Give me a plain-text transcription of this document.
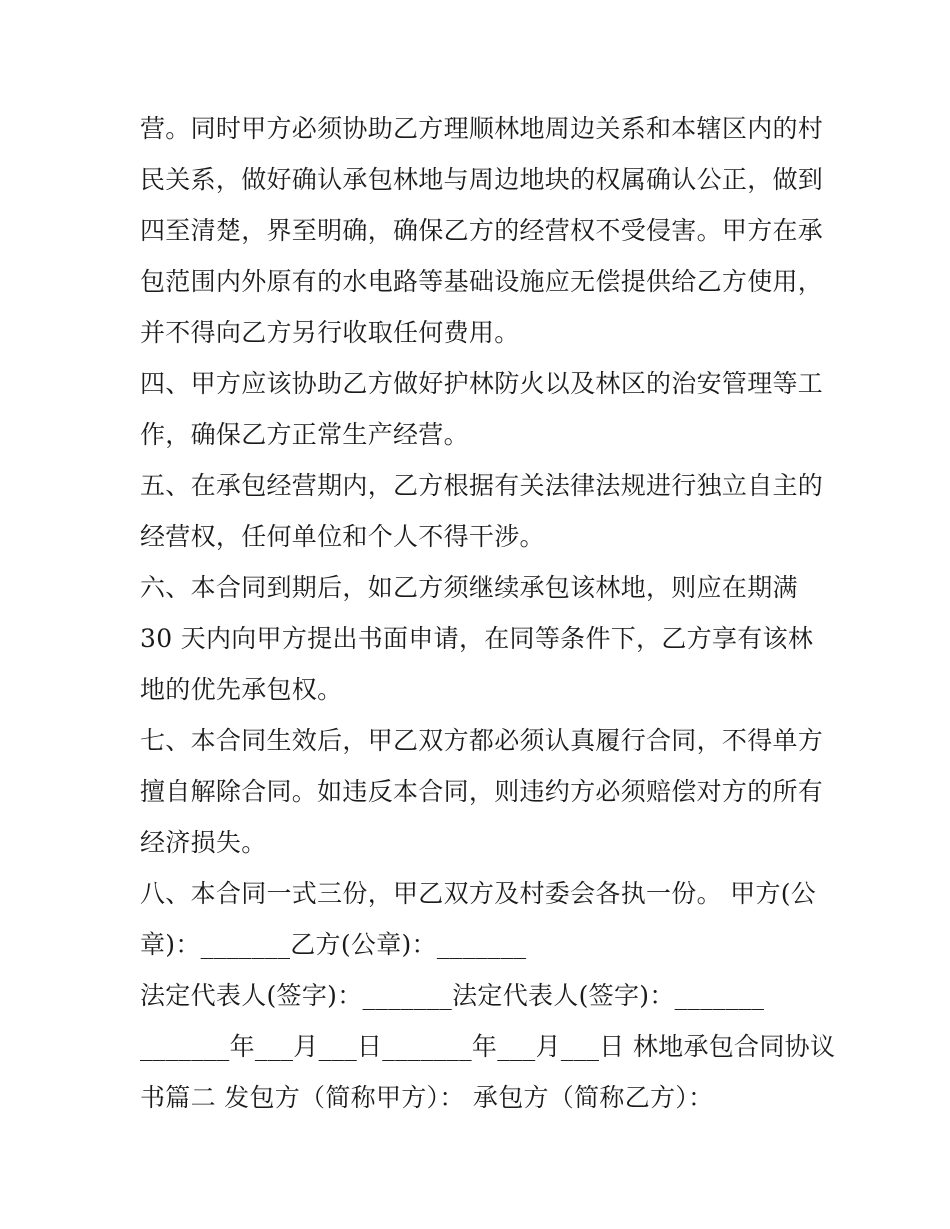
营。同时甲方必须协助乙方理顺林地周边关系和本辖区内的村
民关系，做好确认承包林地与周边地块的权属确认公正，做到
四至清楚，界至明确，确保乙方的经营权不受侵害。甲方在承
包范围内外原有的水电路等基础设施应无偿提供给乙方使用，
并不得向乙方另行收取任何费用。
四、甲方应该协助乙方做好护林防火以及林区的治安管理等工
作，确保乙方正常生产经营。
五、在承包经营期内，乙方根据有关法律法规进行独立自主的
经营权，任何单位和个人不得干涉。
六、本合同到期后，如乙方须继续承包该林地，则应在期满
30 天内向甲方提出书面申请，在同等条件下，乙方享有该林
地的优先承包权。
七、本合同生效后，甲乙双方都必须认真履行合同，不得单方
擅自解除合同。如违反本合同，则违约方必须赔偿对方的所有
经济损失。
八、本合同一式三份，甲乙双方及村委会各执一份。 甲方(公
章)：_______乙方(公章)：_______
法定代表人(签字)：_______法定代表人(签字)：_______
_______年___月___日_______年___月___日 林地承包合同协议
书篇二 发包方（简称甲方）： 承包方（简称乙方）：
